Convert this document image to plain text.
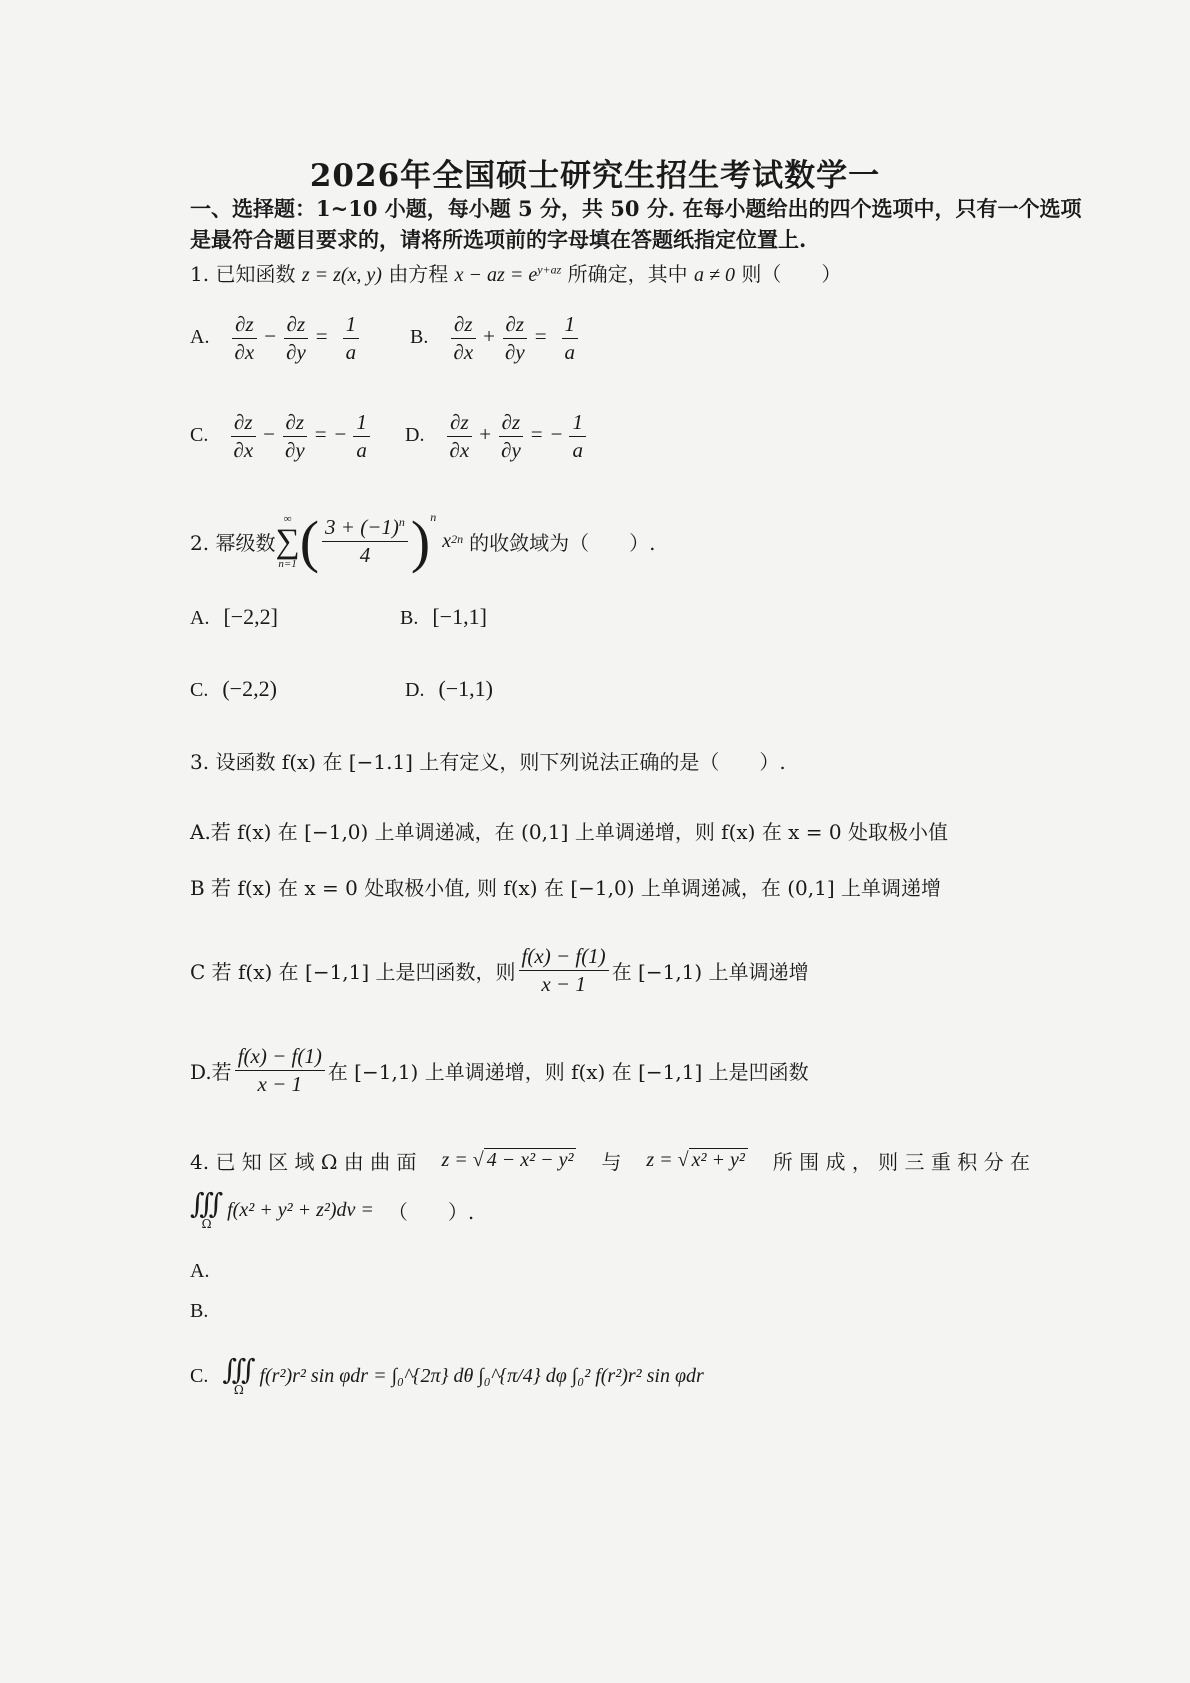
2026年全国硕士研究生招生考试数学一
一、选择题：1~10 小题，每小题 5 分，共 50 分. 在每小题给出的四个选项中，只有一个选项
是最符合题目要求的，请将所选项前的字母填在答题纸指定位置上.
1. 已知函数 z = z(x, y) 由方程 x − az = $e^{y+az}$ 所确定，其中 a ≠ 0 则（　　）
A. $\frac{\partial z}{\partial x} - \frac{\partial z}{\partial y} = \frac{1}{a}$	B. $\frac{\partial z}{\partial x} + \frac{\partial z}{\partial y} = \frac{1}{a}$
C. $\frac{\partial z}{\partial x} - \frac{\partial z}{\partial y}$ = − $\frac{1}{a} D$. $\frac{\partial z}{\partial x} + \frac{\partial z}{\partial y}$ = − $\frac{1}{a}$
2. 幂级数
∞
∑
n=1 ( $\frac{3 + (-1)^n}{4} )^n$
x 2n 的收敛域为（　　）.
A. [−2,2]	B. [−1,1]
C. (−2,2)	D. (−1,1)
3. 设函数 f(x) 在 [−1.1] 上有定义，则下列说法正确的是（　　）.
A.若 f(x) 在 [−1,0) 上单调递减，在 (0,1] 上单调递增，则 f(x) 在 x = 0 处取极小值
B 若 f(x) 在 x = 0 处取极小值, 则 f(x) 在 [−1,0) 上单调递减，在 (0,1] 上单调递增
C 若 f(x) 在 [−1,1] 上是凹函数，则 $\frac{f(x) - f(1)}{x - 1}$ 在 [−1,1) 上单调递增
D.若 $\frac{f(x) - f(1)}{x - 1}$ 在 [−1,1) 上单调递增，则 f(x) 在 [−1,1] 上是凹函数
4. 已 知 区 域 Ω 由 曲 面 z = √ 4 − x² − y² 与 z = √ x² + y² 所 围 成 ， 则 三 重 积 分 在
∭
Ω
f(x² + y² + z²)dv = （　　）.
A.
B.
C. ∭
Ω
f(r²)r² sin φdr = ∫₀^{2π} dθ ∫₀^{π/4} dφ ∫₀² f(r²)r² sin φdr
